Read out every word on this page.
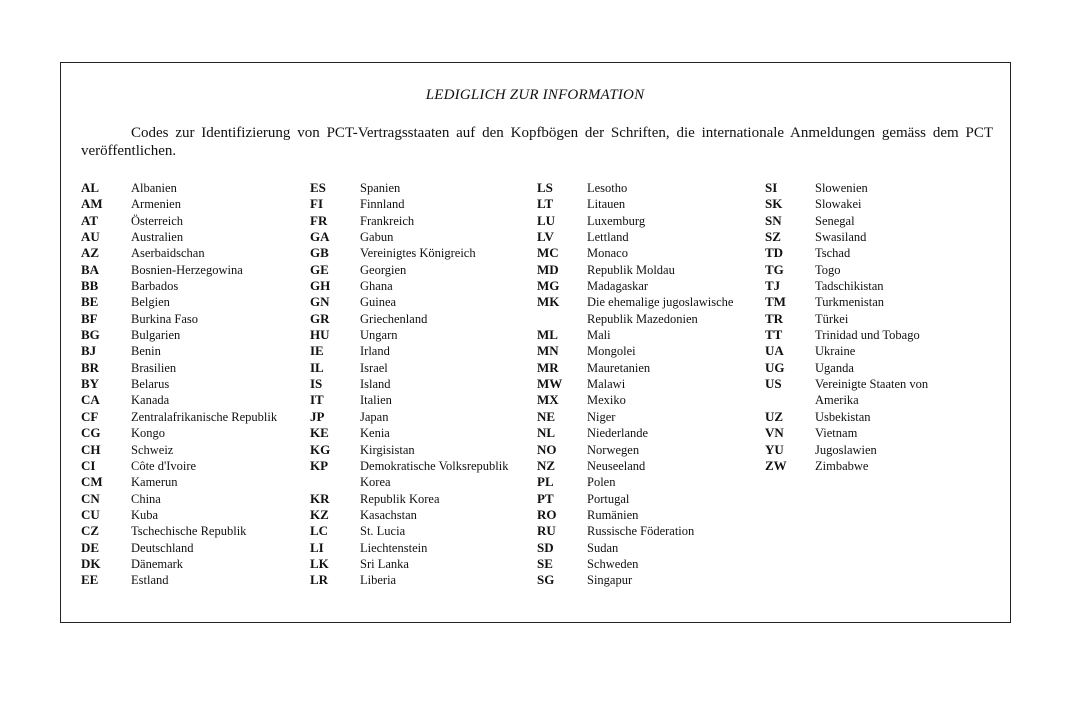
LEDIGLICH ZUR INFORMATION
Codes zur Identifizierung von PCT-Vertragsstaaten auf den Kopfbögen der Schriften, die internationale Anmeldungen gemäss dem PCT veröffentlichen.
AL	Albanien
AM	Armenien
AT	Österreich
AU	Australien
AZ	Aserbaidschan
BA	Bosnien-Herzegowina
BB	Barbados
BE	Belgien
BF	Burkina Faso
BG	Bulgarien
BJ	Benin
BR	Brasilien
BY	Belarus
CA	Kanada
CF	Zentralafrikanische Republik
CG	Kongo
CH	Schweiz
CI	Côte d'Ivoire
CM	Kamerun
CN	China
CU	Kuba
CZ	Tschechische Republik
DE	Deutschland
DK	Dänemark
EE	Estland
ES	Spanien
FI	Finnland
FR	Frankreich
GA	Gabun
GB	Vereinigtes Königreich
GE	Georgien
GH	Ghana
GN	Guinea
GR	Griechenland
HU	Ungarn
IE	Irland
IL	Israel
IS	Island
IT	Italien
JP	Japan
KE	Kenia
KG	Kirgisistan
KP	Demokratische Volksrepublik
Korea
KR	Republik Korea
KZ	Kasachstan
LC	St. Lucia
LI	Liechtenstein
LK	Sri Lanka
LR	Liberia
LS	Lesotho
LT	Litauen
LU	Luxemburg
LV	Lettland
MC	Monaco
MD	Republik Moldau
MG	Madagaskar
MK	Die ehemalige jugoslawische
Republik Mazedonien
ML	Mali
MN	Mongolei
MR	Mauretanien
MW	Malawi
MX	Mexiko
NE	Niger
NL	Niederlande
NO	Norwegen
NZ	Neuseeland
PL	Polen
PT	Portugal
RO	Rumänien
RU	Russische Föderation
SD	Sudan
SE	Schweden
SG	Singapur
SI	Slowenien
SK	Slowakei
SN	Senegal
SZ	Swasiland
TD	Tschad
TG	Togo
TJ	Tadschikistan
TM	Turkmenistan
TR	Türkei
TT	Trinidad und Tobago
UA	Ukraine
UG	Uganda
US	Vereinigte Staaten von
Amerika
UZ	Usbekistan
VN	Vietnam
YU	Jugoslawien
ZW	Zimbabwe
